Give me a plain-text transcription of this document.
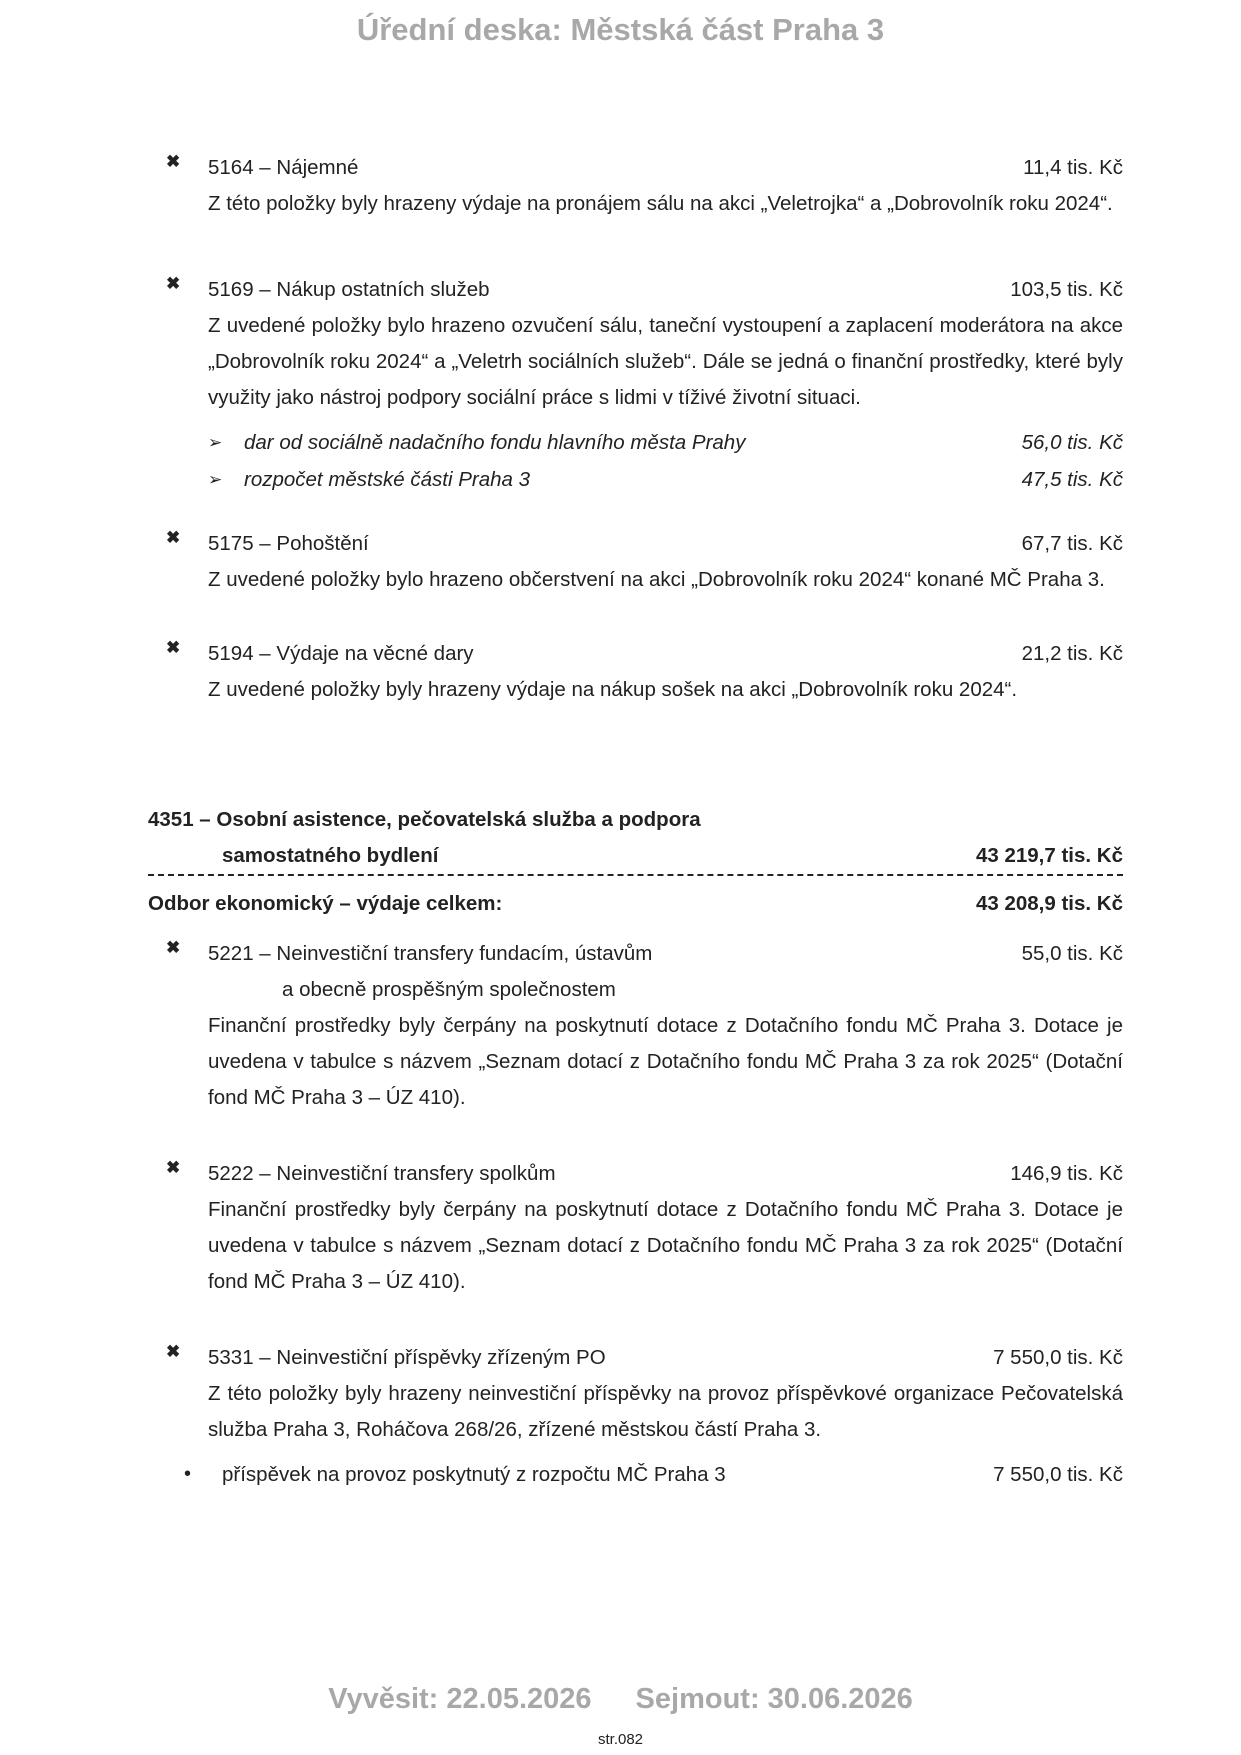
Úřední deska: Městská část Praha 3
✖ 5164 – Nájemné	11,4 tis. Kč

Z této položky byly hrazeny výdaje na pronájem sálu na akci „Veletrojka“ a „Dobrovolník roku 2024“.

✖ 5169 – Nákup ostatních služeb	103,5 tis. Kč

Z uvedené položky bylo hrazeno ozvučení sálu, taneční vystoupení a zaplacení moderátora na akce „Dobrovolník roku 2024“ a „Veletrh sociálních služeb“. Dále se jedná o finanční prostředky, které byly využity jako nástroj podpory sociální práce s lidmi v tíživé životní situaci.

➢ dar od sociálně nadačního fondu hlavního města Prahy	56,0 tis. Kč
➢ rozpočet městské části Praha 3	47,5 tis. Kč
✖ 5175 – Pohoštění	67,7 tis. Kč

Z uvedené položky bylo hrazeno občerstvení na akci „Dobrovolník roku 2024“ konané MČ Praha 3.

✖ 5194 – Výdaje na věcné dary	21,2 tis. Kč

Z uvedené položky byly hrazeny výdaje na nákup sošek na akci „Dobrovolník roku 2024“.

4351 – Osobní asistence, pečovatelská služba a podpora
samostatného bydlení	43 219,7 tis. Kč
Odbor ekonomický – výdaje celkem:	43 208,9 tis. Kč
✖ 5221 – Neinvestiční transfery fundacím, ústavům	55,0 tis. Kč
a obecně prospěšným společnostem

Finanční prostředky byly čerpány na poskytnutí dotace z Dotačního fondu MČ Praha 3. Dotace je uvedena v tabulce s názvem „Seznam dotací z Dotačního fondu MČ Praha 3 za rok 2025“ (Dotační fond MČ Praha 3 – ÚZ 410).

✖ 5222 – Neinvestiční transfery spolkům	146,9 tis. Kč

Finanční prostředky byly čerpány na poskytnutí dotace z Dotačního fondu MČ Praha 3. Dotace je uvedena v tabulce s názvem „Seznam dotací z Dotačního fondu MČ Praha 3 za rok 2025“ (Dotační fond MČ Praha 3 – ÚZ 410).

✖ 5331 – Neinvestiční příspěvky zřízeným PO	7 550,0 tis. Kč

Z této položky byly hrazeny neinvestiční příspěvky na provoz příspěvkové organizace Pečovatelská služba Praha 3, Roháčova 268/26, zřízené městskou částí Praha 3.

• příspěvek na provoz poskytnutý z rozpočtu MČ Praha 3	7 550,0 tis. Kč
Vyvěsit: 22.05.2026 Sejmout: 30.06.2026
str.082
